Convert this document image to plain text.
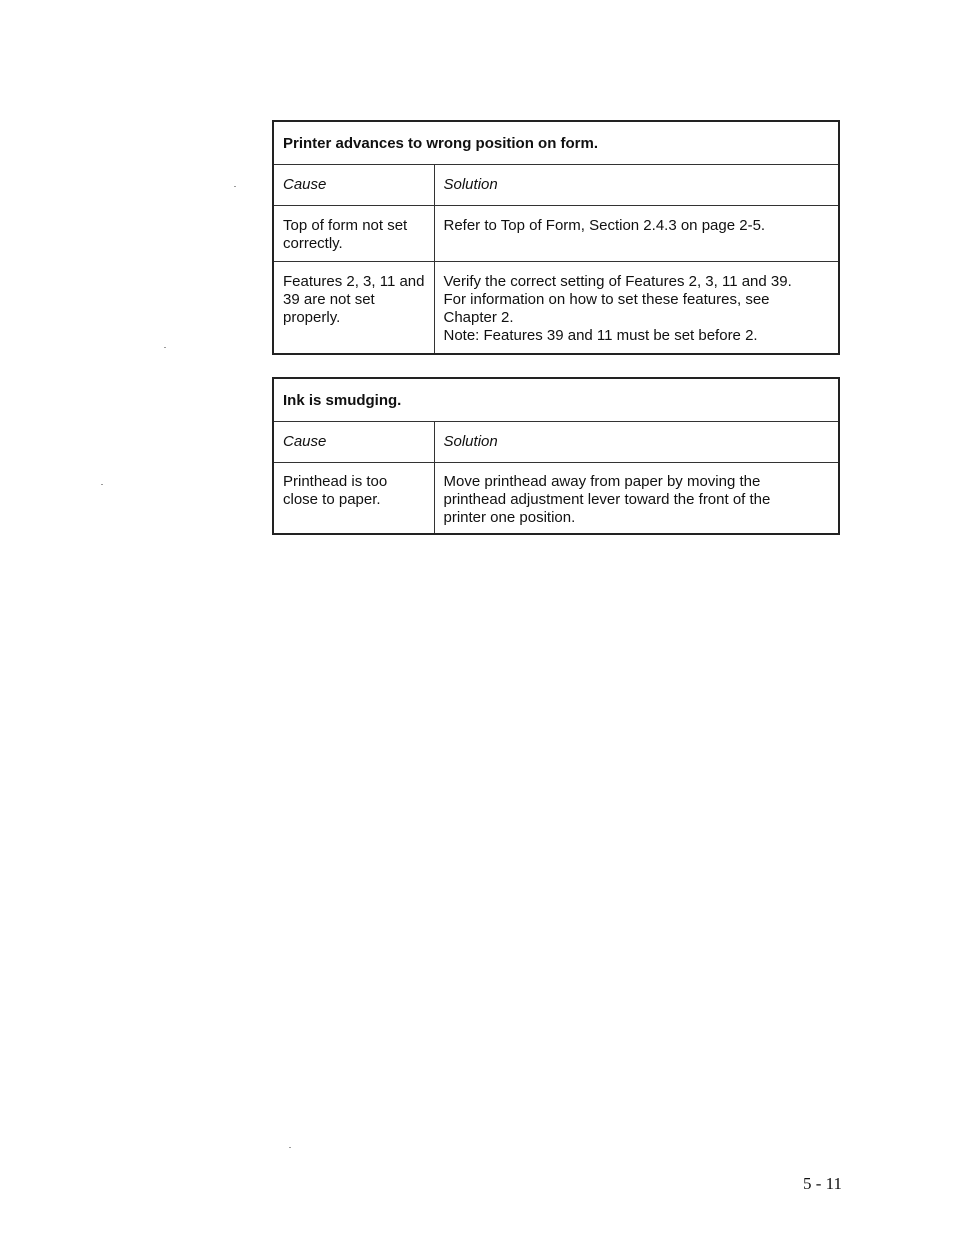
Printer advances to wrong position on form.	
Cause	Solution
Top of form not set correctly.	Refer to Top of Form, Section 2.4.3 on page 2-5.

Features 2, 3, 11 and 39 are not set properly.	Verify the correct setting of Features 2, 3, 11 and 39. For information on how to set these features, see Chapter 2.
Note: Features 39 and 11 must be set before 2.
Ink is smudging.	
Cause	Solution
Printhead is too close to paper.	Move printhead away from paper by moving the printhead adjustment lever toward the front of the printer one position.
5 - 11
